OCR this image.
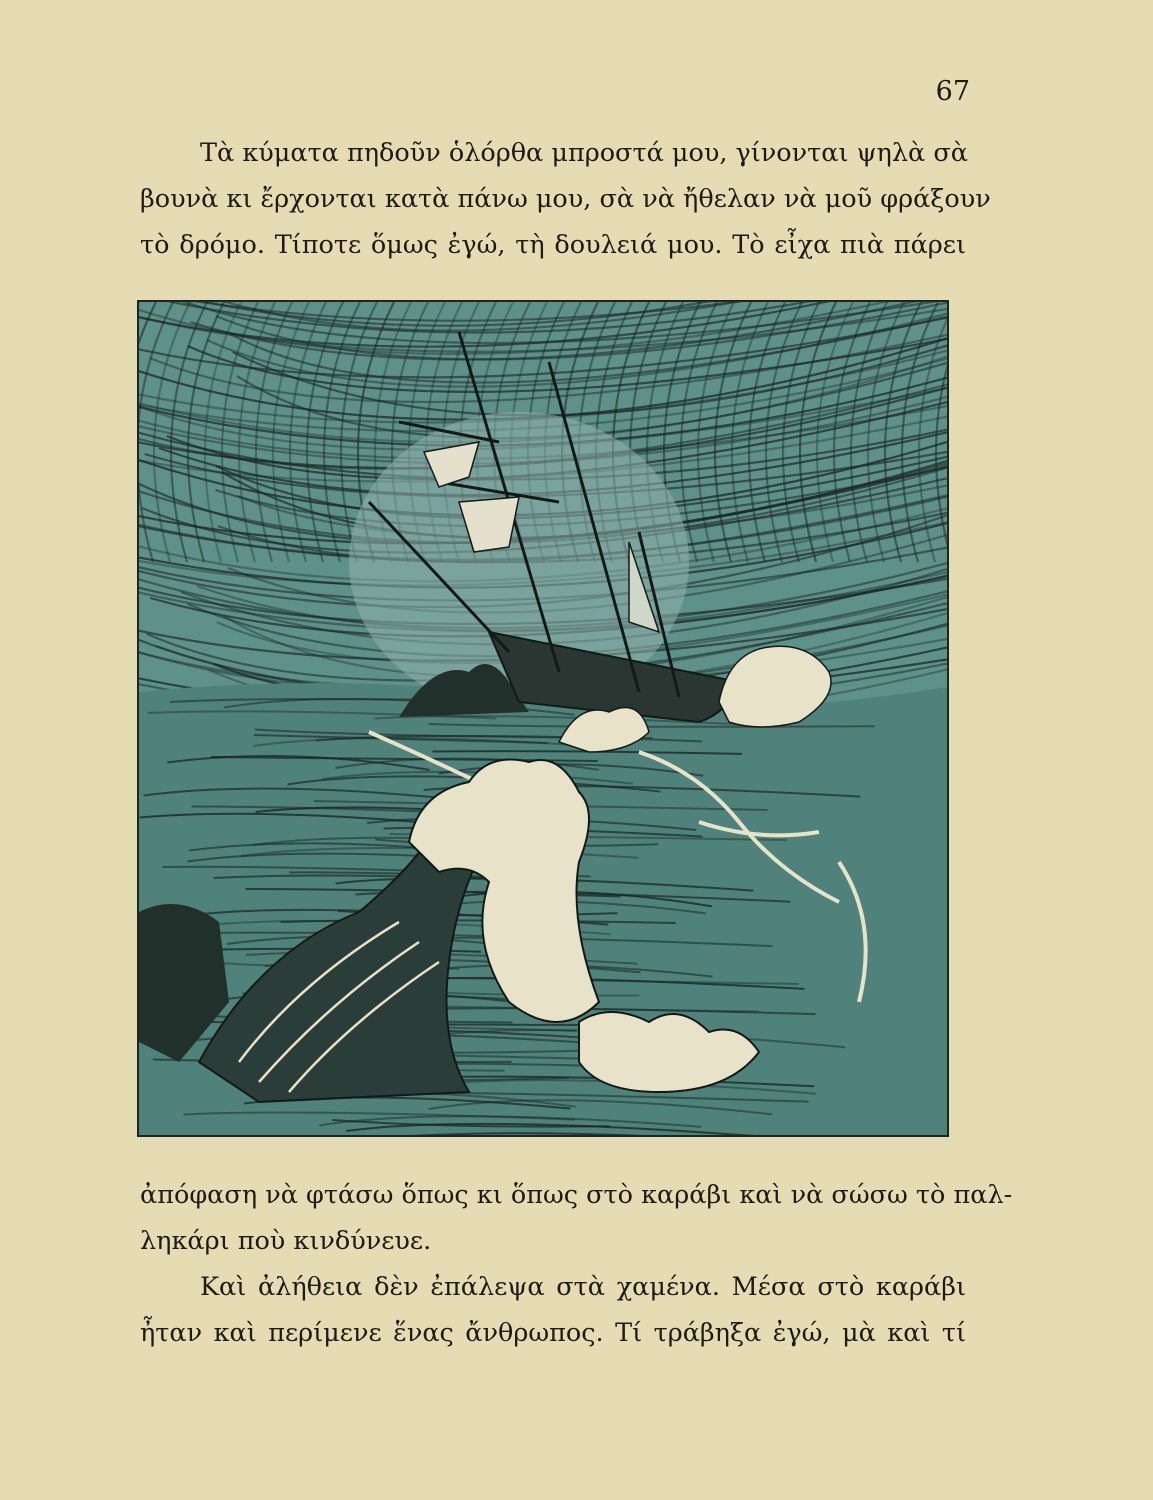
67
Τὰ κύματα πηδοῦν ὁλόρθα μπροστά μου, γίνονται ψηλὰ σὰ
βουνὰ κι ἔρχονται κατὰ πάνω μου, σὰ νὰ ἤθελαν νὰ μοῦ φράξουν
τὸ δρόμο. Τίποτε ὅμως ἐγώ, τὴ δουλειά μου. Τὸ εἶχα πιὰ πάρει
ἀπόφαση νὰ φτάσω ὅπως κι ὅπως στὸ καράβι καὶ νὰ σώσω τὸ παλ-
ληκάρι ποὺ κινδύνευε.
Καὶ ἀλήθεια δὲν ἐπάλεψα στὰ χαμένα. Μέσα στὸ καράβι
ἦταν καὶ περίμενε ἕνας ἄνθρωπος. Τί τράβηξα ἐγώ, μὰ καὶ τί
